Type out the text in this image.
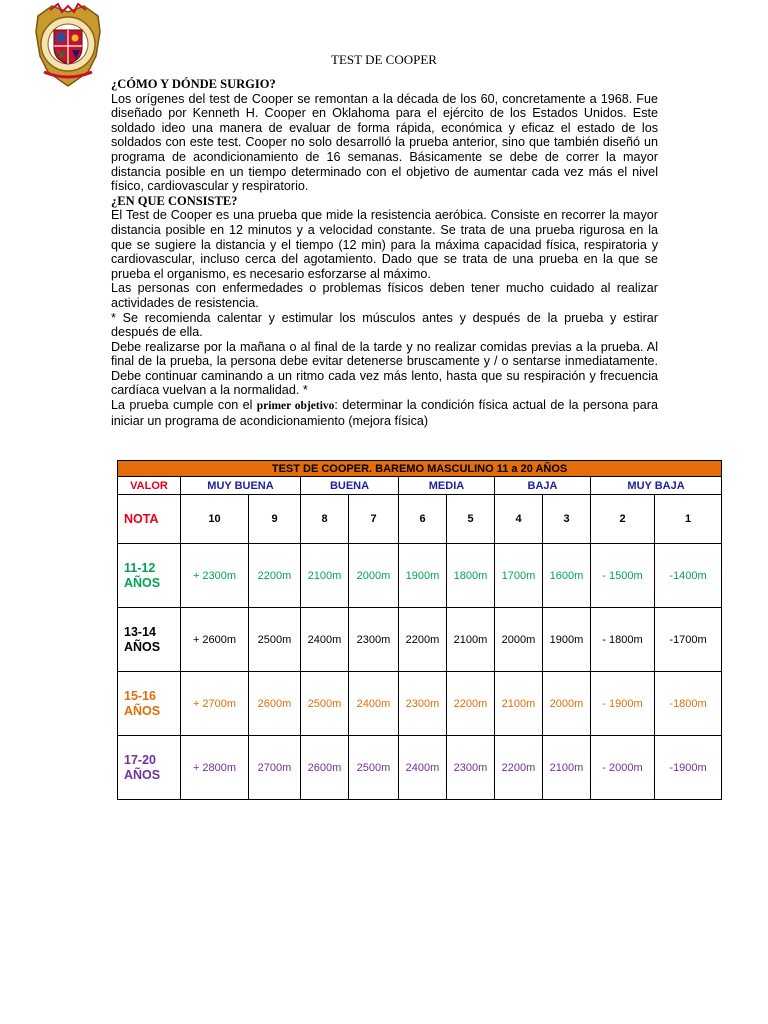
TEST DE COOPER
¿CÓMO Y DÓNDE SURGIO?

Los orígenes del test de Cooper se remontan a la década de los 60, concretamente a 1968. Fue diseñado por Kenneth H. Cooper en Oklahoma para el ejército de los Estados Unidos. Este soldado ideo una manera de evaluar de forma rápida, económica y eficaz el estado de los soldados con este test. Cooper no solo desarrolló la prueba anterior, sino que también diseñó un programa de acondicionamiento de 16 semanas. Básicamente se debe de correr la mayor distancia posible en un tiempo determinado con el objetivo de aumentar cada vez más el nivel físico, cardiovascular y respiratorio.

¿EN QUE CONSISTE?

El Test de Cooper es una prueba que mide la resistencia aeróbica. Consiste en recorrer la mayor distancia posible en 12 minutos y a velocidad constante. Se trata de una prueba rigurosa en la que se sugiere la distancia y el tiempo (12 min) para la máxima capacidad física, respiratoria y cardiovascular, incluso cerca del agotamiento. Dado que se trata de una prueba en la que se prueba el organismo, es necesario esforzarse al máximo.

Las personas con enfermedades o problemas físicos deben tener mucho cuidado al realizar actividades de resistencia.

* Se recomienda calentar y estimular los músculos antes y después de la prueba y estirar después de ella.

Debe realizarse por la mañana o al final de la tarde y no realizar comidas previas a la prueba. Al final de la prueba, la persona debe evitar detenerse bruscamente y / o sentarse inmediatamente. Debe continuar caminando a un ritmo cada vez más lento, hasta que su respiración y frecuencia cardíaca vuelvan a la normalidad. *

La prueba cumple con el primer objetivo: determinar la condición física actual de la persona para iniciar un programa de acondicionamiento (mejora física)

TEST DE COOPER. BAREMO MASCULINO 11 a 20 AÑOS										
VALOR	MUY BUENA		BUENA		MEDIA		BAJA		MUY BAJA	
NOTA	10	9	8	7	6	5	4	3	2	1
11-12
AÑOS	+ 2300m	2200m	2100m	2000m	1900m	1800m	1700m	1600m	- 1500m	-1400m
13-14
AÑOS	+ 2600m	2500m	2400m	2300m	2200m	2100m	2000m	1900m	- 1800m	-1700m
15-16
AÑOS	+ 2700m	2600m	2500m	2400m	2300m	2200m	2100m	2000m	- 1900m	-1800m
17-20
AÑOS	+ 2800m	2700m	2600m	2500m	2400m	2300m	2200m	2100m	- 2000m	-1900m
